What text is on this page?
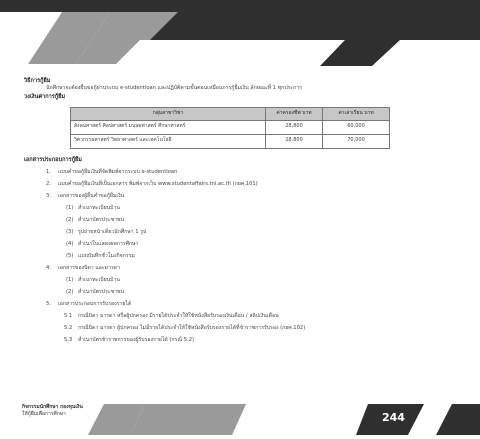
วิธีการกู้ยืม
นักศึกษาจะต้องยื่นขอกู้ผ่านระบบ e-studentloan และปฏิบัติตามขั้นตอนเหมือนการกู้ยืมเงิน ลักษณะที่ 1 ทุกประการ
วงเงินค่าการกู้ยืม
กลุ่มสาขาวิชา	ค่าครองชีพ บาท	ค่าเล่าเรียน บาท
สังคมศาสตร์ ศิลปศาสตร์ มนุษยศาสตร์ ศึกษาศาสตร์	28,800	60,000
วิศวกรรมศาสตร์ วิทยาศาสตร์ และเทคโนโลยี	28,800	70,000
เอกสารประกอบการกู้ยืม
1.	แบบคำขอกู้ยืมเงินที่จัดพิมพ์จากระบบ e-studentloan
2.	แบบคำขอกู้ยืมเงินที่เป็นเอกสาร พิมพ์จากเว็บ www.studentaffairs.tni.ac.th (กยศ.101)
3.	เอกสารของผู้ยื่นคำขอกู้ยืมเงิน
(1) สำเนาทะเบียนบ้าน
(2) สำเนาบัตรประชาชน
(3) รูปถ่ายหน้าเดียวนักศึกษา 1 รูป
(4) สำเนาใบแสดงผลการศึกษา
(5) แบบบันทึกชั่วโมงกิจกรรม
4.	เอกสารของบิดา และมารดา
(1) สำเนาทะเบียนบ้าน
(2) สำเนาบัตรประชาชน
5.	เอกสารประกอบการรับรองรายได้
5.1	กรณีบิดา มารดา หรือผู้ปกครอง มีรายได้ประจำให้ใช้หนังสือรับรองเงินเดือน / สลิปเงินเดือน
5.2	กรณีบิดา มารดา ผู้ปกครอง ไม่มีรายได้ประจำให้ใช้หนังสือรับรองรายได้ที่ข้าราชการรับรอง (กยศ.102)
5.3	สำเนาบัตรข้าราชการของผู้รับรองรายได้ (กรณี 5.2)
กิจกรรมนักศึกษา กองทุนเงิน
ให้กู้ยืมเพื่อการศึกษา	244
